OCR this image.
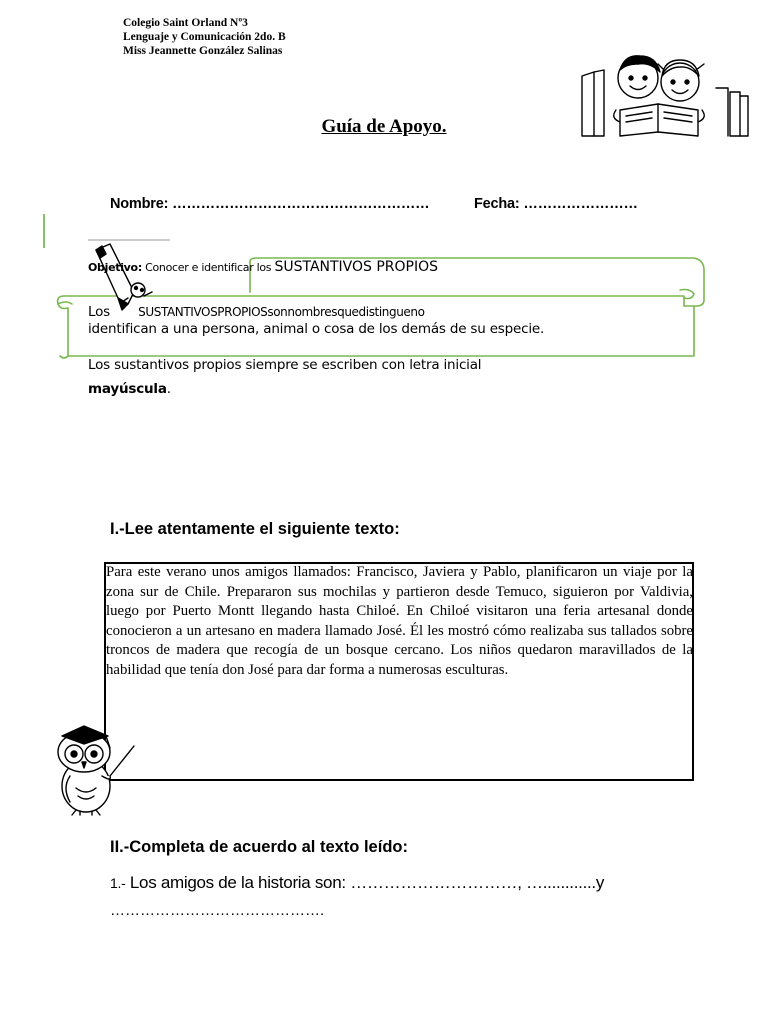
Colegio Saint Orland Nº3
Lenguaje y Comunicación 2do. B
Miss Jeannette González Salinas
Guía de Apoyo.
Nombre: ………………………………………………	Fecha: ……………………
Objetivo: Conocer e identificar los SUSTANTIVOS PROPIOS
Los SUSTANTIVOSPROPIOSsonnombresquedistingueno
identifican a una persona, animal o cosa de los demás de su especie.
Los sustantivos propios siempre se escriben con letra inicial
mayúscula.
I.-Lee atentamente el siguiente texto:
Para este verano unos amigos llamados: Francisco, Javiera y Pablo, planificaron un viaje por la zona sur de Chile. Prepararon sus mochilas y partieron desde Temuco, siguieron por Valdivia, luego por Puerto Montt llegando hasta Chiloé. En Chiloé visitaron una feria artesanal donde conocieron a un artesano en madera llamado José. Él les mostró cómo realizaba sus tallados sobre troncos de madera que recogía de un bosque cercano. Los niños quedaron maravillados de la habilidad que tenía don José para dar forma a numerosas esculturas.
II.-Completa de acuerdo al texto leído:
1.- Los amigos de la historia son: …………………………, …............y
…………………………………….
